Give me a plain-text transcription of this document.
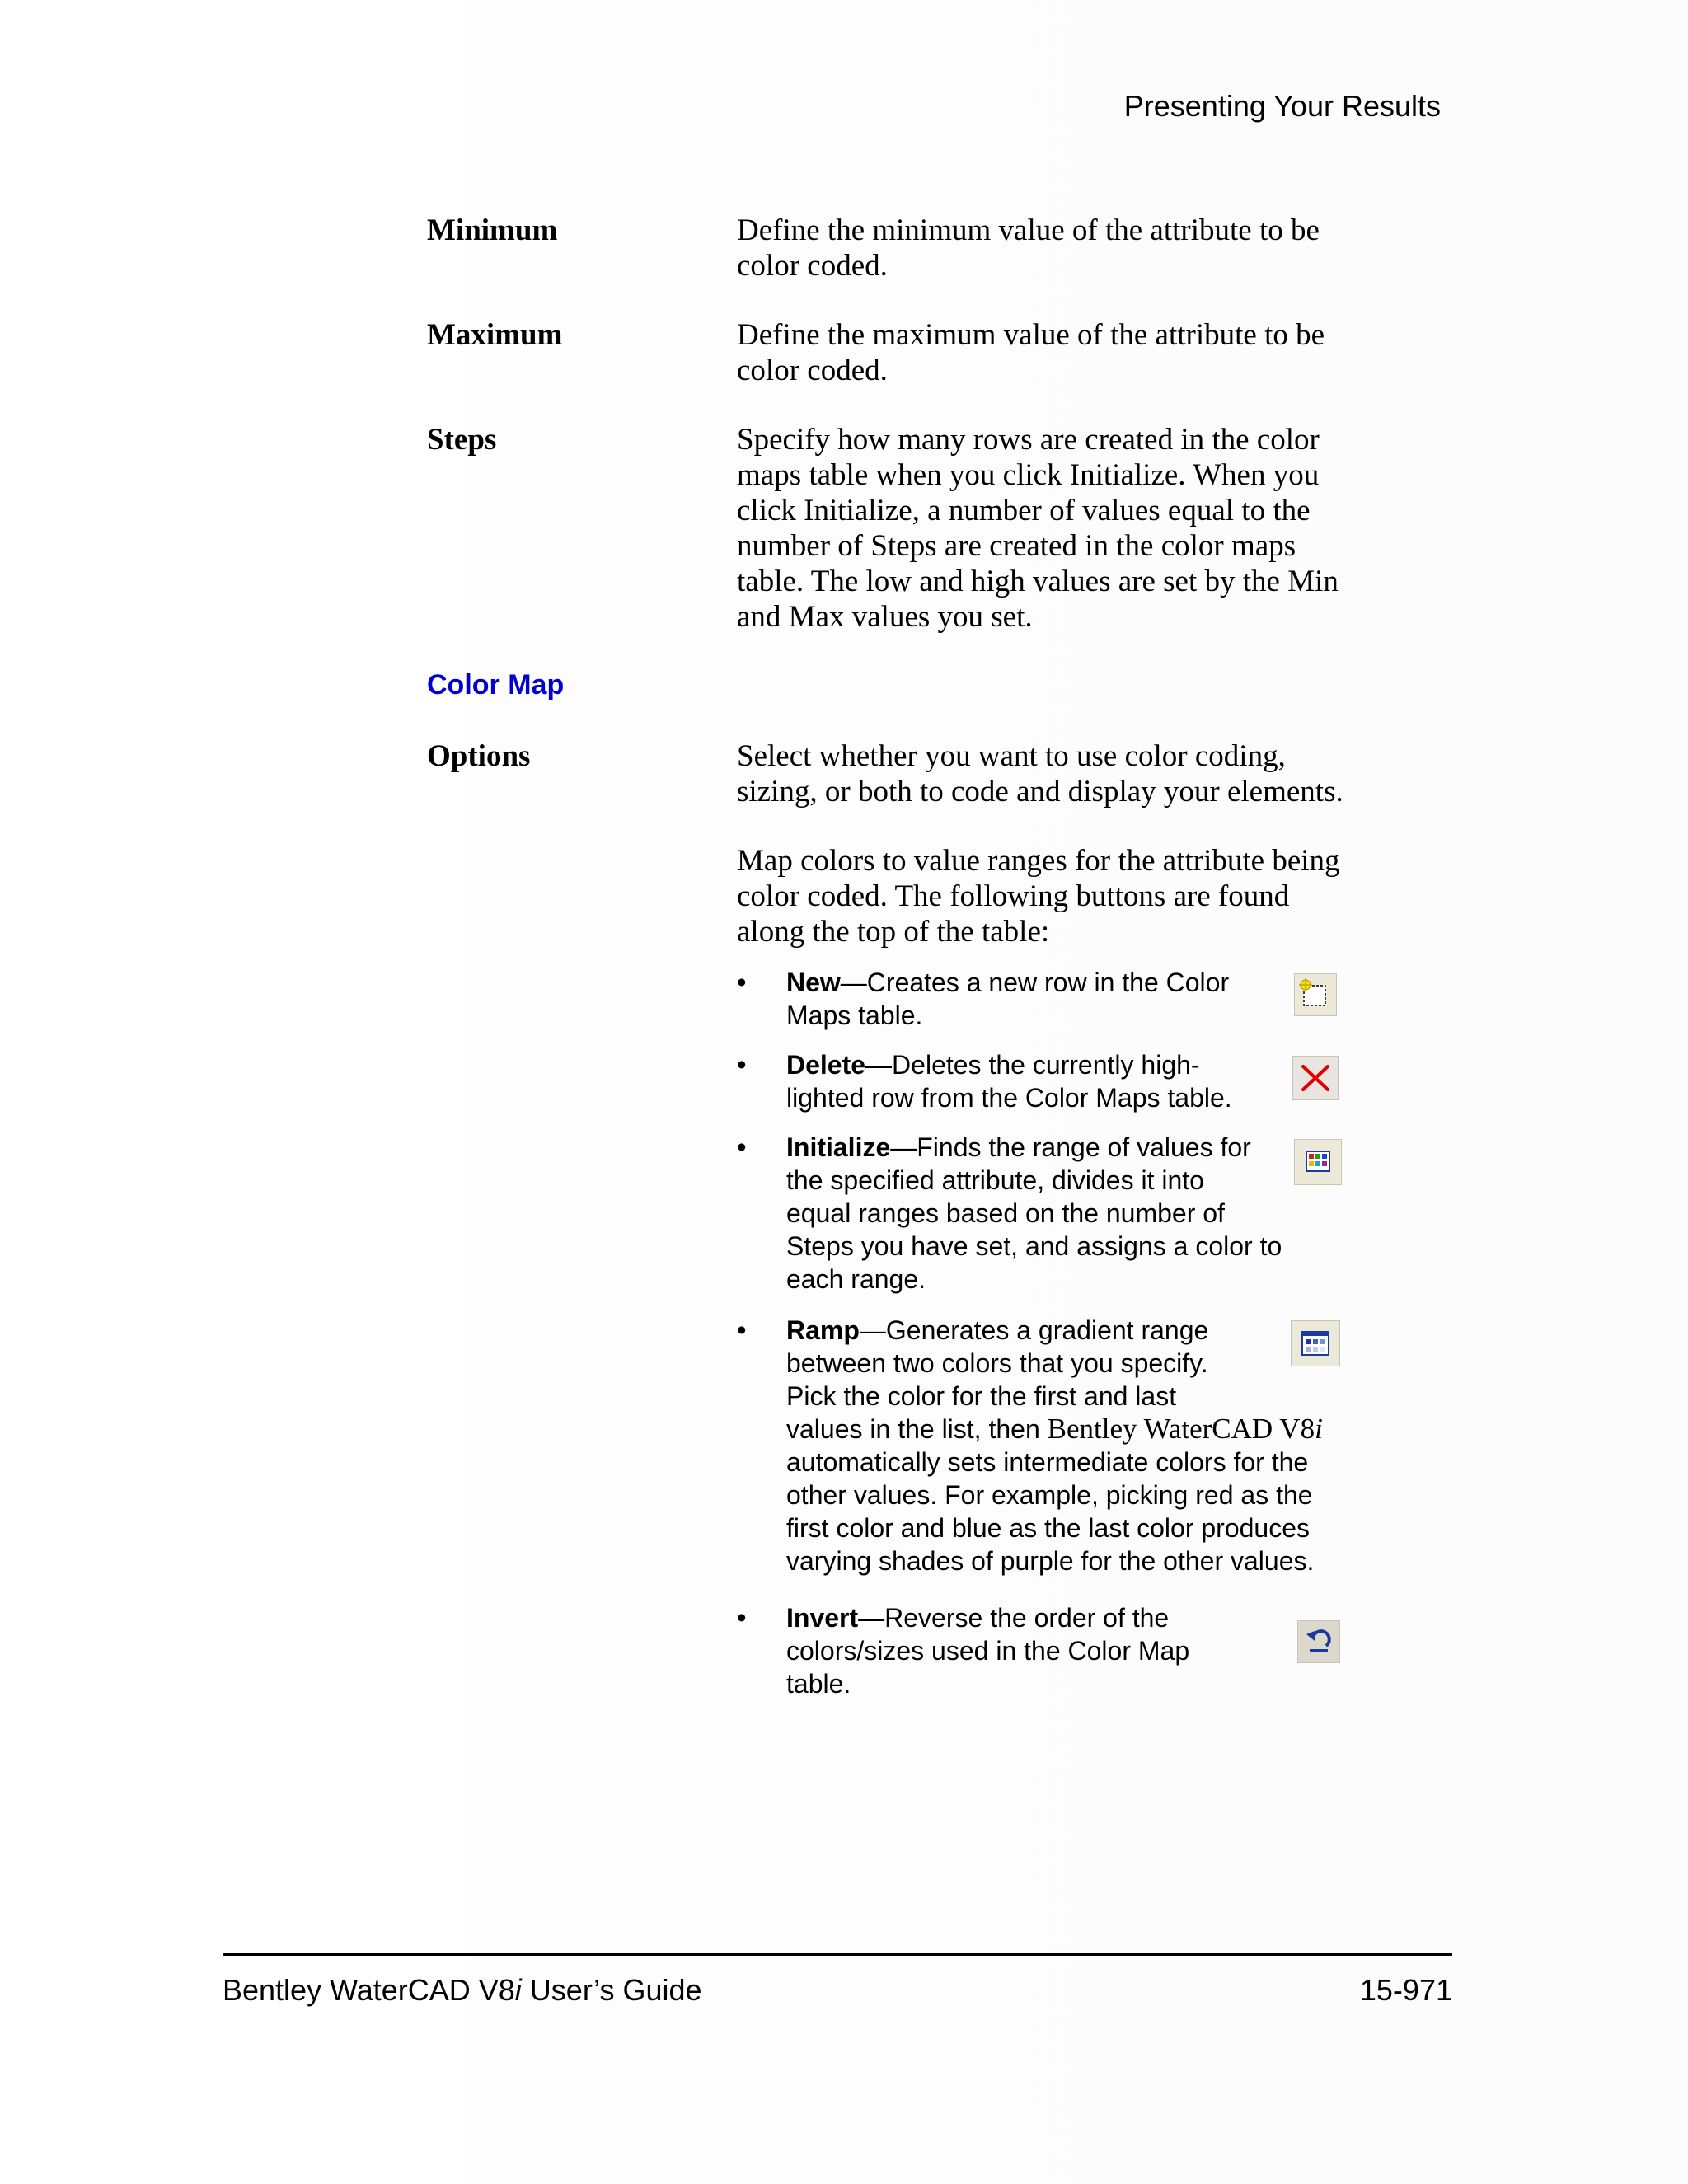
Presenting Your Results
Minimum	Define the minimum value of the attribute to be
color coded.
Maximum	Define the maximum value of the attribute to be
color coded.
Steps	Specify how many rows are created in the color
maps table when you click Initialize. When you
click Initialize, a number of values equal to the
number of Steps are created in the color maps
table. The low and high values are set by the Min
and Max values you set.
Color Map
Options	Select whether you want to use color coding,
sizing, or both to code and display your elements.
Map colors to value ranges for the attribute being
color coded. The following buttons are found
along the top of the table:
• New—Creates a new row in the Color
Maps table.
• Delete—Deletes the currently high-
lighted row from the Color Maps table.
• Initialize—Finds the range of values for
the specified attribute, divides it into
equal ranges based on the number of
Steps you have set, and assigns a color to
each range.
• Ramp—Generates a gradient range
between two colors that you specify.
Pick the color for the first and last
values in the list, then Bentley WaterCAD V8i
automatically sets intermediate colors for the
other values. For example, picking red as the
first color and blue as the last color produces
varying shades of purple for the other values.
• Invert—Reverse the order of the
colors/sizes used in the Color Map
table.
Bentley WaterCAD V8i User’s Guide	15-971
